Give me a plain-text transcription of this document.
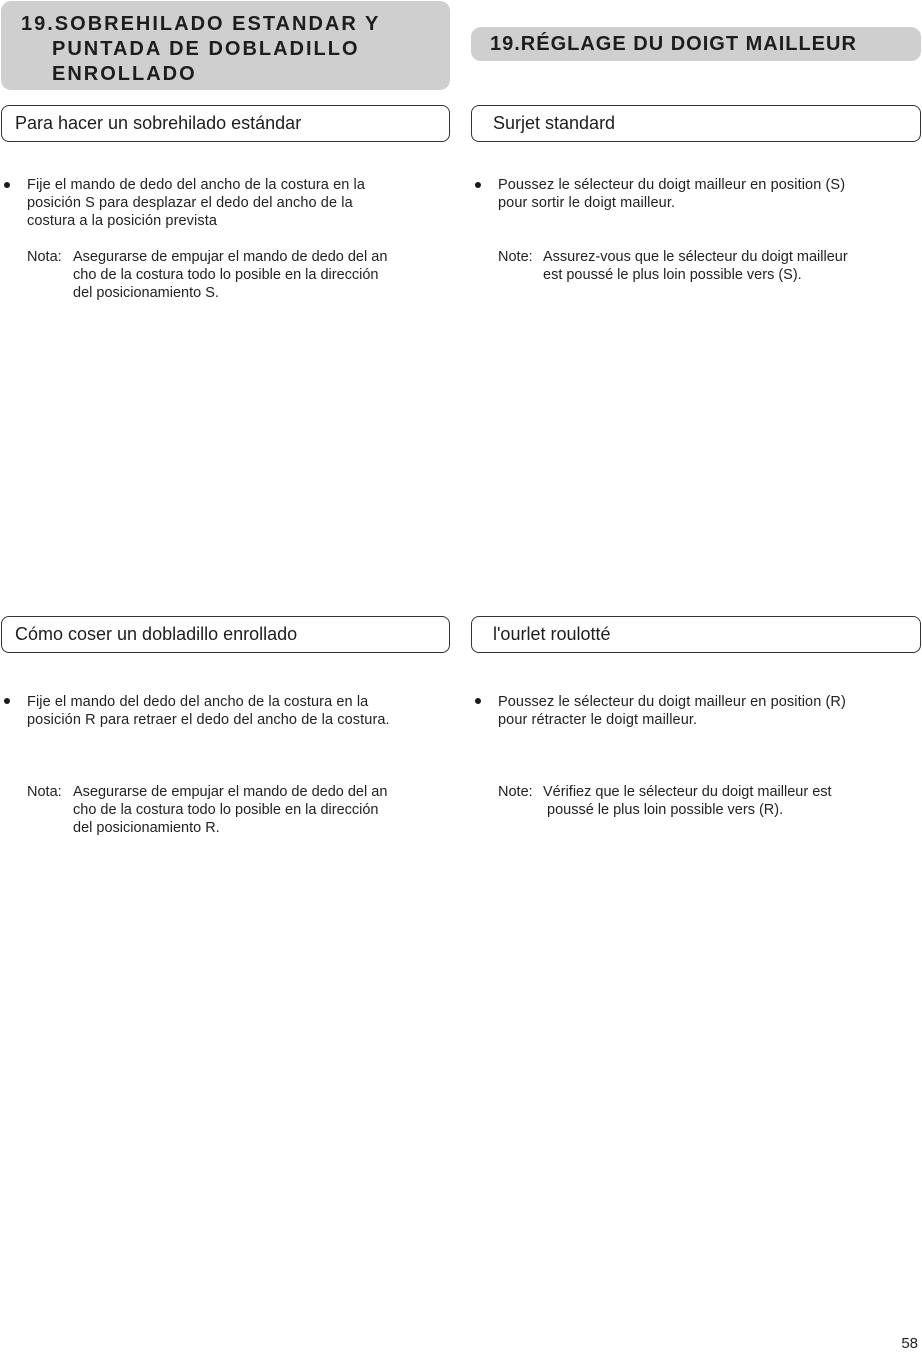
19.SOBREHILADO ESTANDAR Y
PUNTADA DE DOBLADILLO
ENROLLADO
19.RÉGLAGE DU DOIGT MAILLEUR
Para hacer un sobrehilado estándar
Fije el mando de dedo del ancho de la costura en la
posición S para desplazar el dedo del ancho de la
costura a la posición prevista
Nota: Asegurarse de empujar el mando de dedo del an
cho de la costura todo lo posible en la dirección
del posicionamiento S.
Surjet standard
Poussez le sélecteur du doigt mailleur en position (S)
pour sortir le doigt mailleur.
Note: Assurez-vous que le sélecteur du doigt mailleur
est poussé le plus loin possible vers (S).
Cómo coser un dobladillo enrollado
Fije el mando del dedo del ancho de la costura en la
posición R para retraer el dedo del ancho de la costura.
Nota: Asegurarse de empujar el mando de dedo del an
cho de la costura todo lo posible en la dirección
del posicionamiento R.
l'ourlet roulotté
Poussez le sélecteur du doigt mailleur en position (R)
pour rétracter le doigt mailleur.
Note: Vérifiez que le sélecteur du doigt mailleur est
poussé le plus loin possible vers (R).
58
